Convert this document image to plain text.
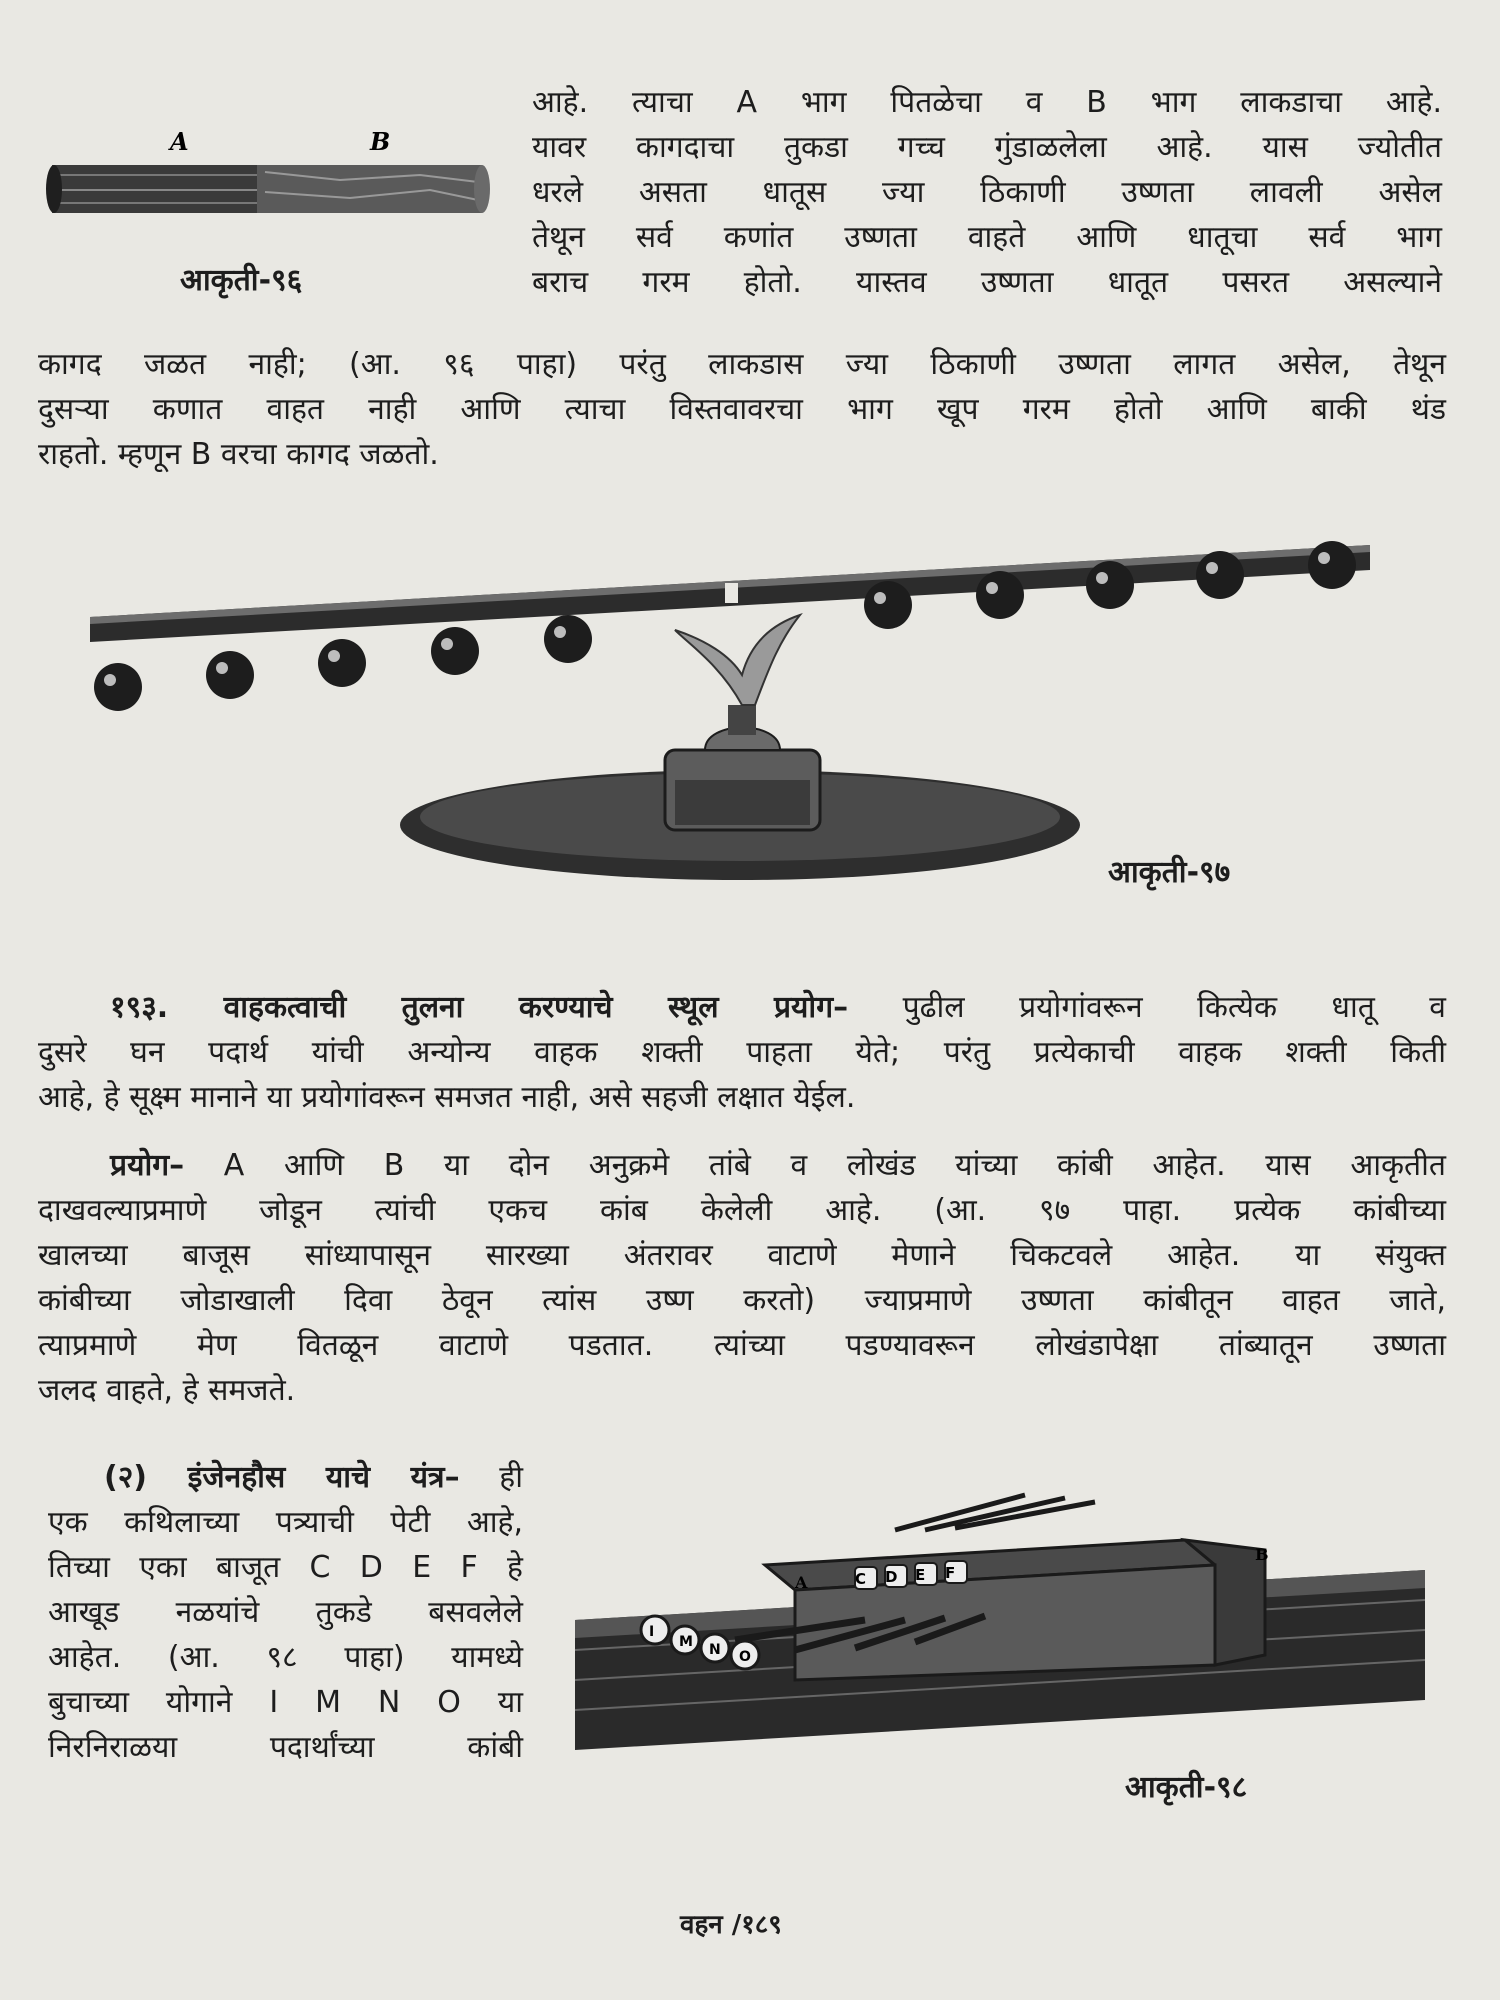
A	B
आकृती-९६
आहे. त्याचा A भाग पितळेचा व B भाग लाकडाचा आहे.
यावर कागदाचा तुकडा गच्च गुंडाळलेला आहे. यास ज्योतीत
धरले असता धातूस ज्या ठिकाणी उष्णता लावली असेल
तेथून सर्व कणांत उष्णता वाहते आणि धातूचा सर्व भाग
बराच गरम होतो. यास्तव उष्णता धातूत पसरत असल्याने
कागद जळत नाही; (आ. ९६ पाहा) परंतु लाकडास ज्या ठिकाणी उष्णता लागत असेल, तेथून
दुसऱ्या कणात वाहत नाही आणि त्याचा विस्तवावरचा भाग खूप गरम होतो आणि बाकी थंड
राहतो. म्हणून B वरचा कागद जळतो.
आकृती-९७
१९३. वाहकत्वाची तुलना करण्याचे स्थूल प्रयोग– पुढील प्रयोगांवरून कित्येक धातू व
दुसरे घन पदार्थ यांची अन्योन्य वाहक शक्ती पाहता येते; परंतु प्रत्येकाची वाहक शक्ती किती
आहे, हे सूक्ष्म मानाने या प्रयोगांवरून समजत नाही, असे सहजी लक्षात येईल.
प्रयोग– A आणि B या दोन अनुक्रमे तांबे व लोखंड यांच्या कांबी आहेत. यास आकृतीत
दाखवल्याप्रमाणे जोडून त्यांची एकच कांब केलेली आहे. (आ. ९७ पाहा. प्रत्येक कांबीच्या
खालच्या बाजूस सांध्यापासून सारख्या अंतरावर वाटाणे मेणाने चिकटवले आहेत. या संयुक्त
कांबीच्या जोडाखाली दिवा ठेवून त्यांस उष्ण करतो) ज्याप्रमाणे उष्णता कांबीतून वाहत जाते,
त्याप्रमाणे मेण वितळून वाटाणे पडतात. त्यांच्या पडण्यावरून लोखंडापेक्षा तांब्यातून उष्णता
जलद वाहते, हे समजते.
(२) इंजेनहौस याचे यंत्र– ही
एक कथिलाच्या पत्र्याची पेटी आहे,
तिच्या एका बाजूत C D E F हे
आखूड नळयांचे तुकडे बसवलेले
आहेत. (आ. ९८ पाहा) यामध्ये
बुचाच्या योगाने I M N O या
निरनिराळया पदार्थांच्या कांबी
C D E F
I
M N O
A
B
आकृती-९८
वहन /१८९
